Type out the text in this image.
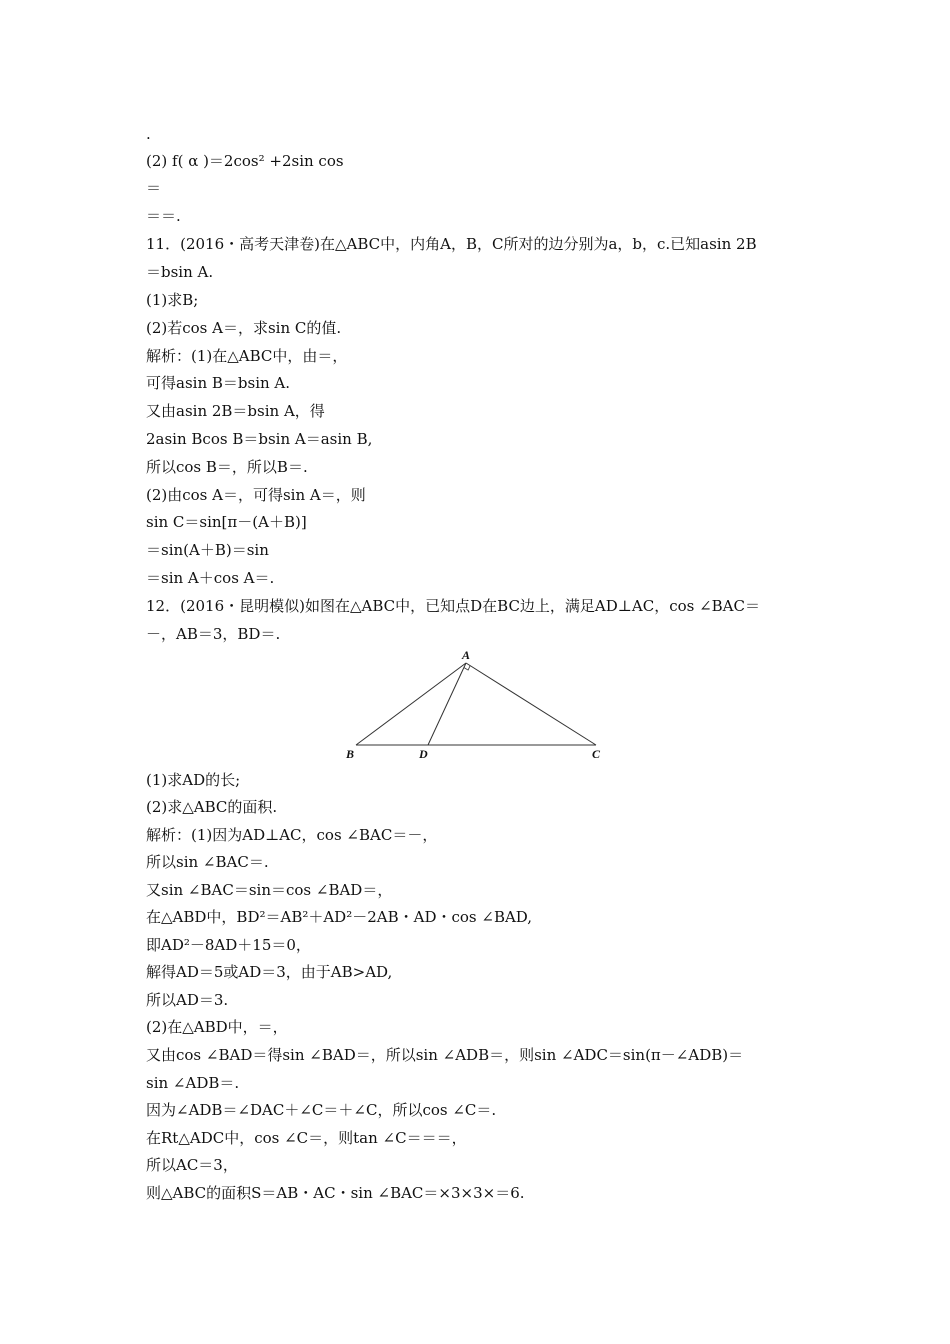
.
(2) f( α )＝2cos² +2sin cos
＝
＝＝.
11．(2016・高考天津卷)在△ABC中，内角A，B，C所对的边分别为a，b，c.已知asin 2B
＝bsin A.
(1)求B;
(2)若cos A＝，求sin C的值.
解析：(1)在△ABC中，由＝，
可得asin B＝bsin A.
又由asin 2B＝bsin A，得
2asin Bcos B＝bsin A＝asin B,
所以cos B＝，所以B＝.
(2)由cos A＝，可得sin A＝，则
sin C＝sin[π－(A＋B)]
＝sin(A＋B)＝sin
＝sin A＋cos A＝.
12．(2016・昆明模似)如图在△ABC中，已知点D在BC边上，满足AD⊥AC，cos ∠BAC＝
－，AB＝3，BD＝.
A
B	D	C
(1)求AD的长;
(2)求△ABC的面积.
解析：(1)因为AD⊥AC，cos ∠BAC＝－，
所以sin ∠BAC＝.
又sin ∠BAC＝sin＝cos ∠BAD＝，
在△ABD中，BD²＝AB²＋AD²－2AB・AD・cos ∠BAD,
即AD²－8AD＋15＝0，
解得AD＝5或AD＝3，由于AB>AD,
所以AD＝3.
(2)在△ABD中，＝，
又由cos ∠BAD＝得sin ∠BAD＝，所以sin ∠ADB＝，则sin ∠ADC＝sin(π－∠ADB)＝
sin ∠ADB＝.
因为∠ADB＝∠DAC＋∠C＝＋∠C，所以cos ∠C＝.
在Rt△ADC中，cos ∠C＝，则tan ∠C＝＝＝，
所以AC＝3，
则△ABC的面积S＝AB・AC・sin ∠BAC＝×3×3×＝6.
